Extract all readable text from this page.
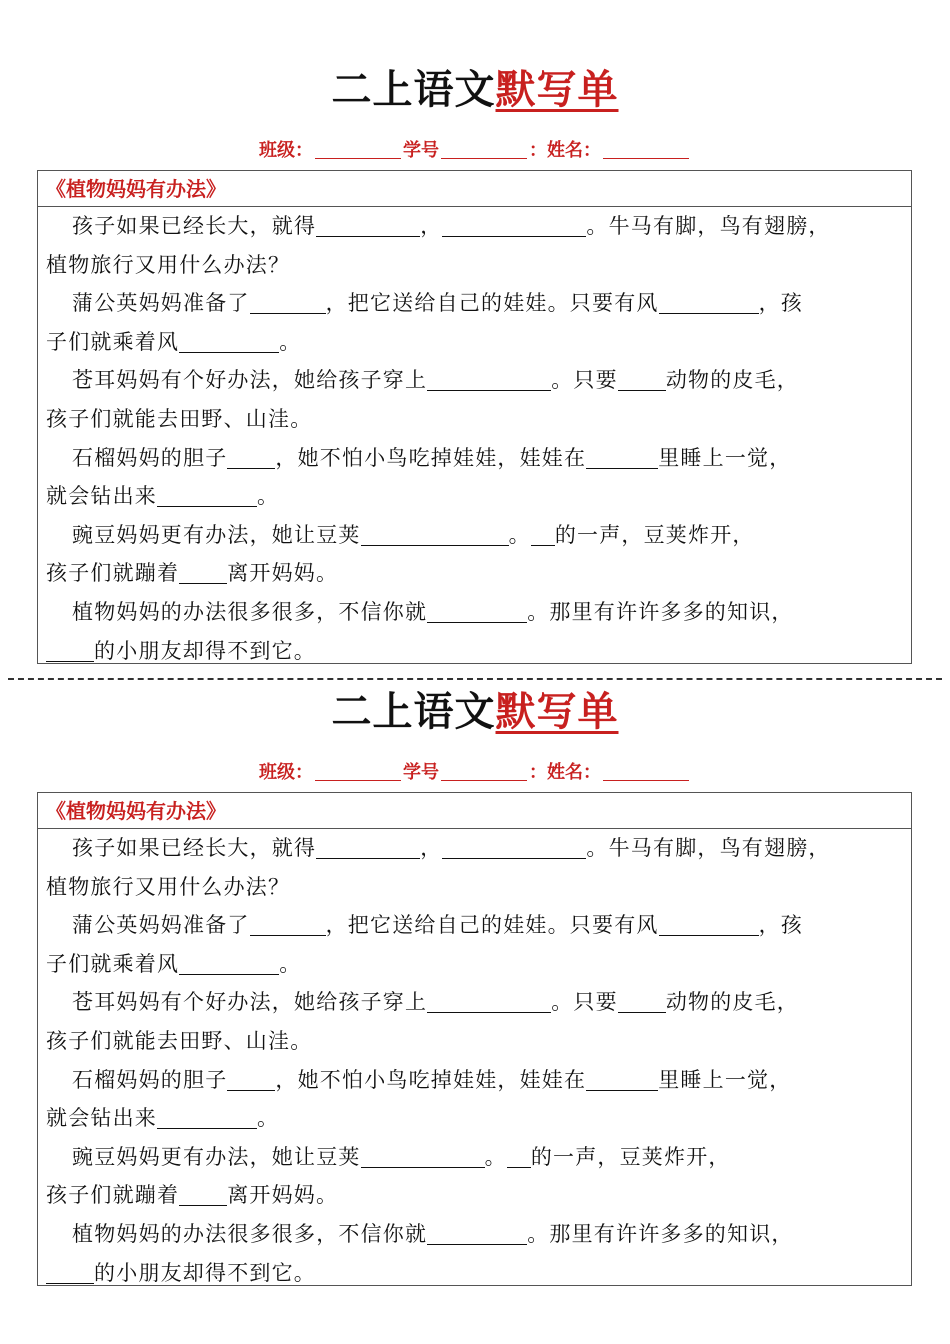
二上语文默写单
班级：	学号	：姓名：
《植物妈妈有办法》
孩子如果已经长大，就得	，	。牛马有脚，鸟有翅膀，
植物旅行又用什么办法？
蒲公英妈妈准备了	，把它送给自己的娃娃。只要有风	，孩
子们就乘着风	。
苍耳妈妈有个好办法，她给孩子穿上	。只要 动物的皮毛，
孩子们就能去田野、山洼。
石榴妈妈的胆子 ，她不怕小鸟吃掉娃娃，娃娃在	里睡上一觉，
就会钻出来	。
豌豆妈妈更有办法，她让豆荚	。 的一声，豆荚炸开，
孩子们就蹦着 离开妈妈。
植物妈妈的办法很多很多，不信你就	。那里有许许多多的知识，
的小朋友却得不到它。
二上语文默写单
班级：	学号	：姓名：
《植物妈妈有办法》
孩子如果已经长大，就得	，	。牛马有脚，鸟有翅膀，
植物旅行又用什么办法？
蒲公英妈妈准备了	，把它送给自己的娃娃。只要有风	，孩
子们就乘着风	。
苍耳妈妈有个好办法，她给孩子穿上	。只要 动物的皮毛，
孩子们就能去田野、山洼。
石榴妈妈的胆子 ，她不怕小鸟吃掉娃娃，娃娃在	里睡上一觉，
就会钻出来	。
豌豆妈妈更有办法，她让豆荚	。 的一声，豆荚炸开，
孩子们就蹦着 离开妈妈。
植物妈妈的办法很多很多，不信你就	。那里有许许多多的知识，
的小朋友却得不到它。
